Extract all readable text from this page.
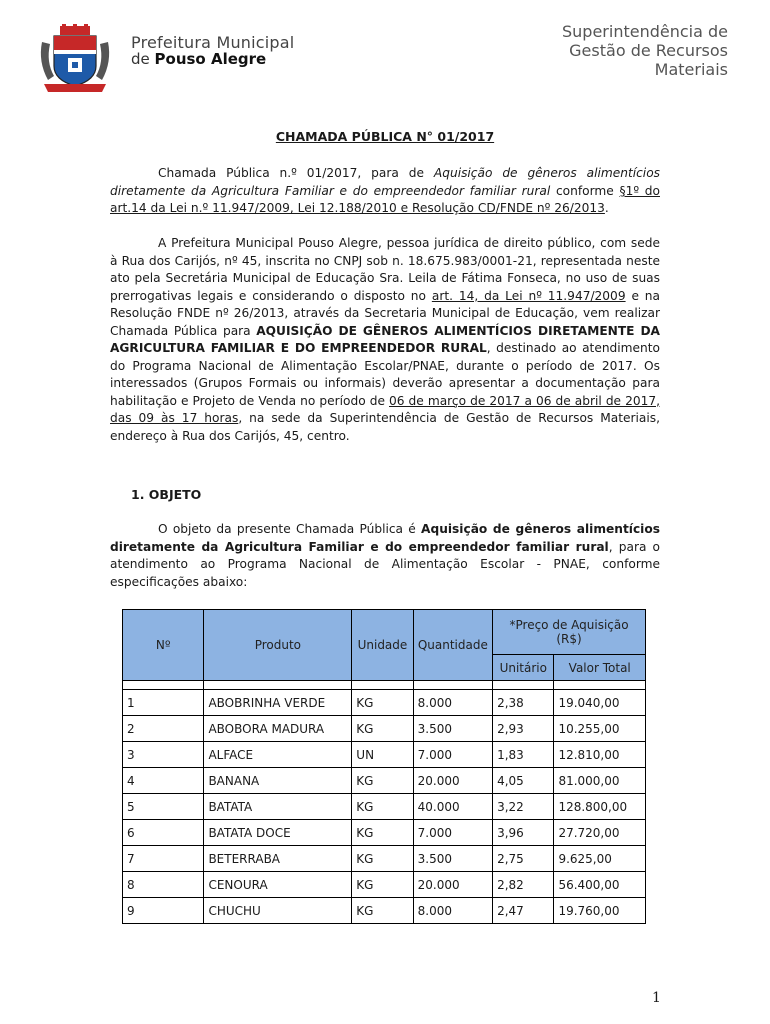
Prefeitura Municipal
de Pouso Alegre
Superintendência de
Gestão de Recursos
Materiais
CHAMADA PÚBLICA N° 01/2017

Chamada Pública n.º 01/2017, para de Aquisição de gêneros alimentícios diretamente da Agricultura Familiar e do empreendedor familiar rural conforme §1º do art.14 da Lei n.º 11.947/2009, Lei 12.188/2010 e Resolução CD/FNDE nº 26/2013.

A Prefeitura Municipal Pouso Alegre, pessoa jurídica de direito público, com sede à Rua dos Carijós, nº 45, inscrita no CNPJ sob n. 18.675.983/0001-21, representada neste ato pela Secretária Municipal de Educação Sra. Leila de Fátima Fonseca, no uso de suas prerrogativas legais e considerando o disposto no art. 14, da Lei nº 11.947/2009 e na Resolução FNDE nº 26/2013, através da Secretaria Municipal de Educação, vem realizar Chamada Pública para AQUISIÇÃO DE GÊNEROS ALIMENTÍCIOS DIRETAMENTE DA AGRICULTURA FAMILIAR E DO EMPREENDEDOR RURAL, destinado ao atendimento do Programa Nacional de Alimentação Escolar/PNAE, durante o período de 2017. Os interessados (Grupos Formais ou informais) deverão apresentar a documentação para habilitação e Projeto de Venda no período de 06 de março de 2017 a 06 de abril de 2017, das 09 às 17 horas, na sede da Superintendência de Gestão de Recursos Materiais, endereço à Rua dos Carijós, 45, centro.

1. OBJETO

O objeto da presente Chamada Pública é Aquisição de gêneros alimentícios diretamente da Agricultura Familiar e do empreendedor familiar rural, para o atendimento ao Programa Nacional de Alimentação Escolar - PNAE, conforme especificações abaixo:

Nº	Produto	Unidade	Quantidade	*Preço de Aquisição (R$)	
				Unitário	Valor Total

1	ABOBRINHA VERDE	KG	8.000	2,38	19.040,00
2	ABOBORA MADURA	KG	3.500	2,93	10.255,00
3	ALFACE	UN	7.000	1,83	12.810,00
4	BANANA	KG	20.000	4,05	81.000,00
5	BATATA	KG	40.000	3,22	128.800,00
6	BATATA DOCE	KG	7.000	3,96	27.720,00
7	BETERRABA	KG	3.500	2,75	9.625,00
8	CENOURA	KG	20.000	2,82	56.400,00
9	CHUCHU	KG	8.000	2,47	19.760,00
1
